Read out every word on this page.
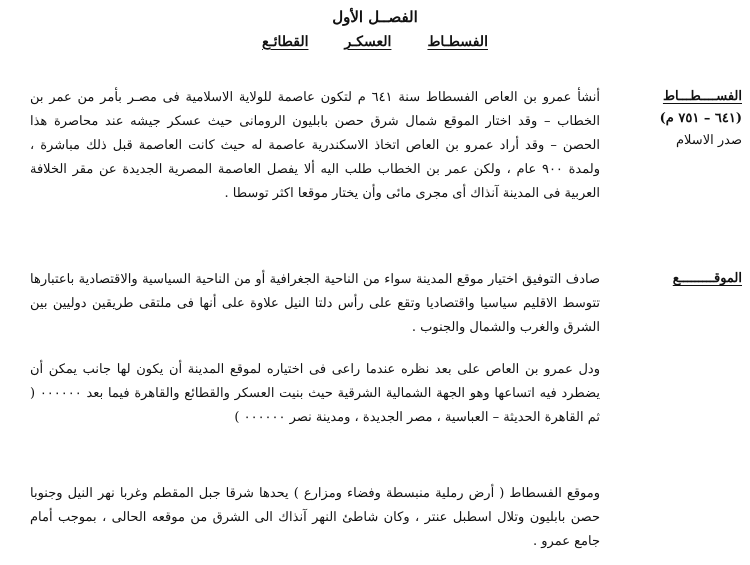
الفصــل الأول
الفسطـاط
العسكـر
القطائـع
الفســــطـــاط
(٦٤١ – ٧٥١ م)
صدر الاسلام
الموقـــــــــع

أنشأ عمرو بن العاص الفسطاط سنة ٦٤١ م لتكون عاصمة للولاية الاسلامية فى مصـر بأمر من عمر بن الخطاب – وقد اختار الموقع شمال شرق حصن بابليون الرومانى حيث عسكر جيشه عند محاصرة هذا الحصن – وقد أراد عمرو بن العاص اتخاذ الاسكندرية عاصمة له حيث كانت العاصمة قبل ذلك مباشرة ، ولمدة ٩٠٠ عام ، ولكن عمر بن الخطاب طلب اليه ألا يفصل العاصمة المصرية الجديدة عن مقر الخلافة العربية فى المدينة آنذاك أى مجرى مائى وأن يختار موقعا اكثر توسطا .

صادف التوفيق اختيار موقع المدينة سواء من الناحية الجغرافية أو من الناحية السياسية والاقتصادية باعتبارها تتوسط الاقليم سياسيا واقتصاديا وتقع على رأس دلتا النيل علاوة على أنها فى ملتقى طريقين دوليين بين الشرق والغرب والشمال والجنوب .

ودل عمرو بن العاص على بعد نظره عندما راعى فى اختياره لموقع المدينة أن يكون لها جانب يمكن أن يضطرد فيه اتساعها وهو الجهة الشمالية الشرقية حيث بنيت العسكر والقطائع والقاهرة فيما بعد ٠٠٠٠٠٠ ( ثم القاهرة الحديثة – العباسية ، مصر الجديدة ، ومدينة نصر ٠٠٠٠٠٠ )

وموقع الفسطاط ( أرض رملية منبسطة وفضاء ومزارع ) يحدها شرقا جبل المقطم وغربا نهر النيل وجنوبا حصن بابليون وتلال اسطبل عنتر ، وكان شاطئ النهر آنذاك الى الشرق من موقعه الحالى ، بموجب أمام جامع عمرو .
